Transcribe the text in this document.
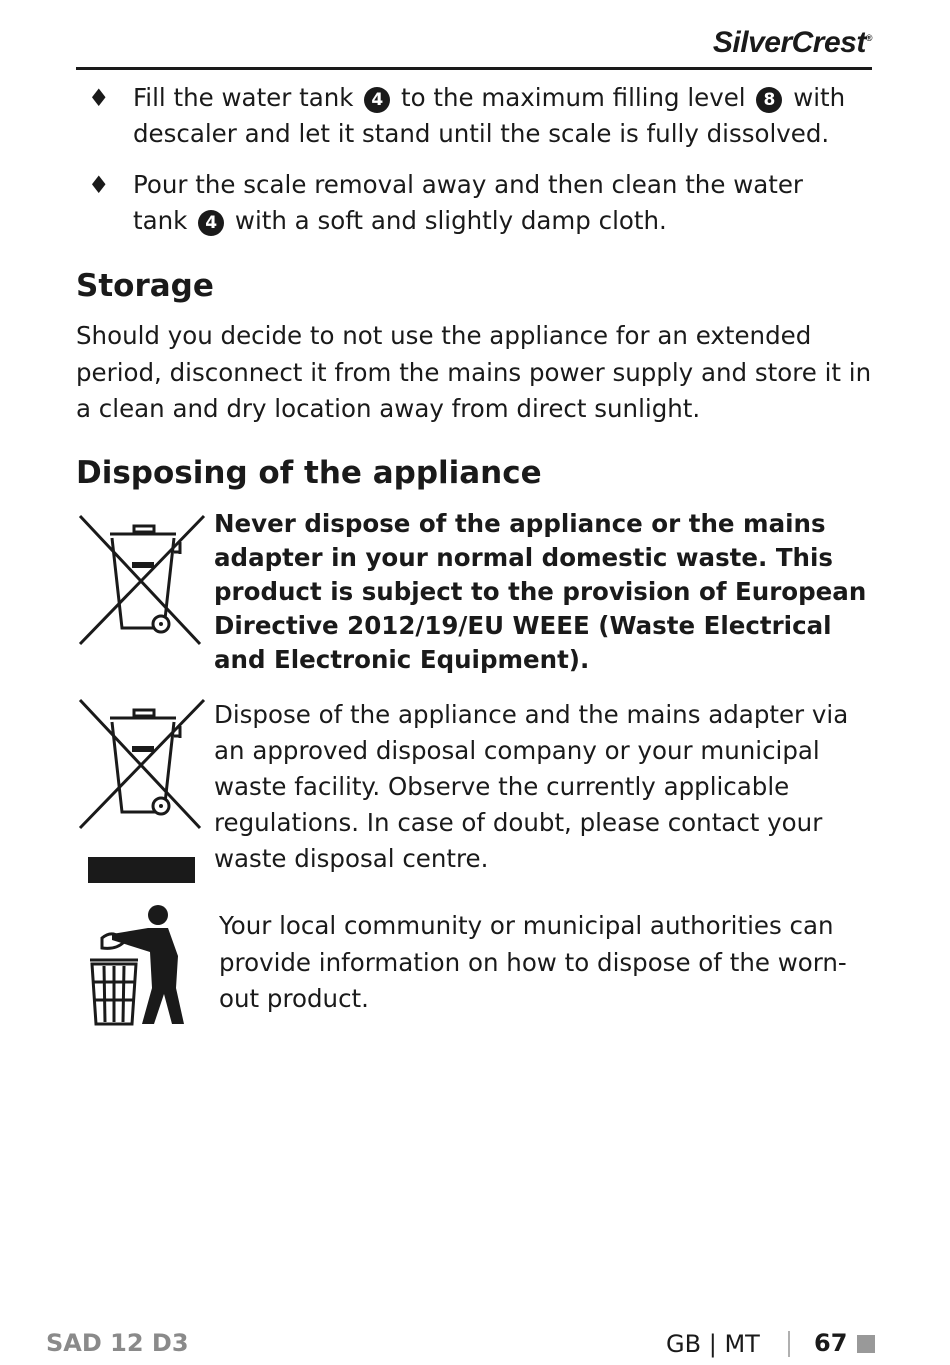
SilverCrest®
♦ Fill the water tank 4 to the maximum filling level 8 with descaler and let it stand until the scale is fully dissolved.

♦ Pour the scale removal away and then clean the water tank 4 with a soft and slightly damp cloth.

Storage

Should you decide to not use the appliance for an extended period, disconnect it from the mains power supply and store it in a clean and dry location away from direct sunlight.

Disposing of the appliance

Never dispose of the appliance or the mains adapter in your normal domestic waste. This product is subject to the provision of European Directive 2012/19/EU WEEE (Waste Electrical and Electronic Equipment).

Dispose of the appliance and the mains adapter via an approved disposal company or your municipal waste facility. Observe the currently applicable regulations. In case of doubt, please contact your waste disposal centre.

Your local community or municipal authorities can provide information on how to dispose of the worn-out product.

SAD 12 D3	GB | MT 67
